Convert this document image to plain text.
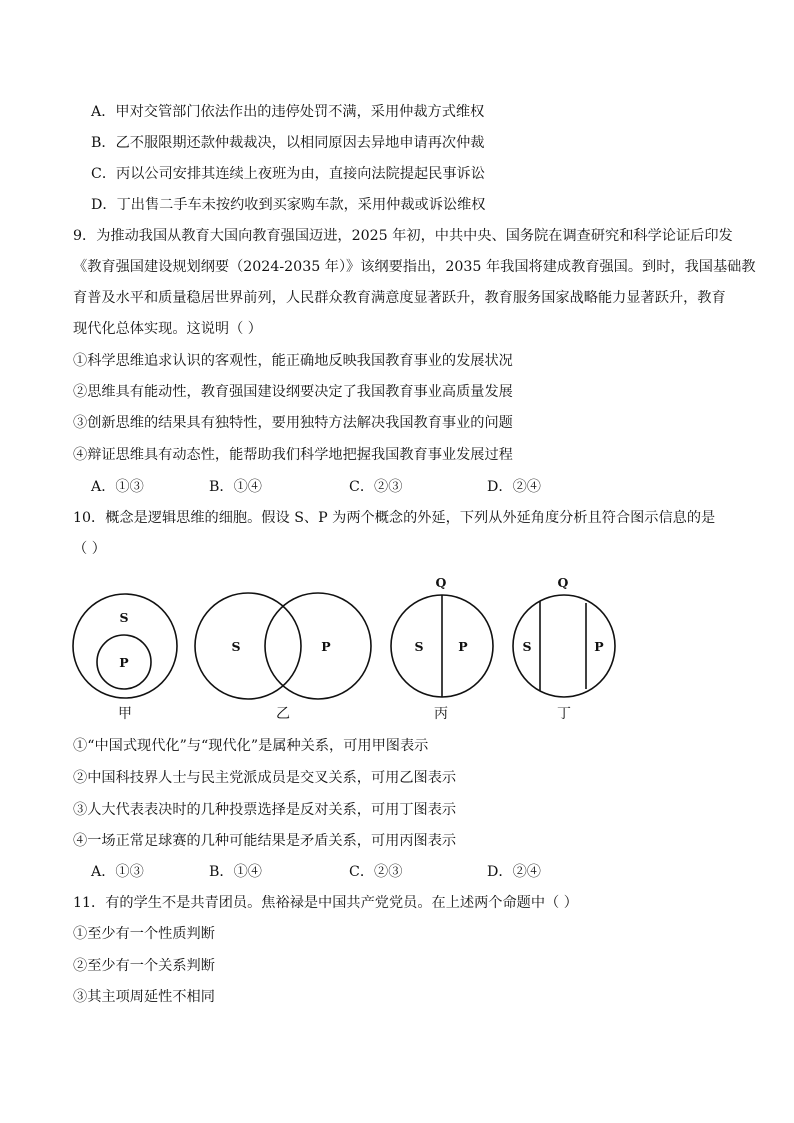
A．甲对交管部门依法作出的违停处罚不满，采用仲裁方式维权
B．乙不服限期还款仲裁裁决，以相同原因去异地申请再次仲裁
C．丙以公司安排其连续上夜班为由，直接向法院提起民事诉讼
D．丁出售二手车未按约收到买家购车款，采用仲裁或诉讼维权
9．为推动我国从教育大国向教育强国迈进，2025 年初，中共中央、国务院在调查研究和科学论证后印发
《教育强国建设规划纲要（2024-2035 年）》该纲要指出，2035 年我国将建成教育强国。到时，我国基础教
育普及水平和质量稳居世界前列，人民群众教育满意度显著跃升，教育服务国家战略能力显著跃升，教育
现代化总体实现。这说明（ ）
①科学思维追求认识的客观性，能正确地反映我国教育事业的发展状况
②思维具有能动性，教育强国建设纲要决定了我国教育事业高质量发展
③创新思维的结果具有独特性，要用独特方法解决我国教育事业的问题
④辩证思维具有动态性，能帮助我们科学地把握我国教育事业发展过程
A．①③	B．①④	C．②③	D．②④
10．概念是逻辑思维的细胞。假设 S、P 为两个概念的外延，下列从外延角度分析且符合图示信息的是
（ ）
S
P
S	P
Q
S	P
Q
S	P
甲	乙	丙	丁
①“中国式现代化”与“现代化”是属种关系，可用甲图表示
②中国科技界人士与民主党派成员是交叉关系，可用乙图表示
③人大代表表决时的几种投票选择是反对关系，可用丁图表示
④一场正常足球赛的几种可能结果是矛盾关系，可用丙图表示
A．①③	B．①④	C．②③	D．②④
11．有的学生不是共青团员。焦裕禄是中国共产党党员。在上述两个命题中（ ）
①至少有一个性质判断
②至少有一个关系判断
③其主项周延性不相同
